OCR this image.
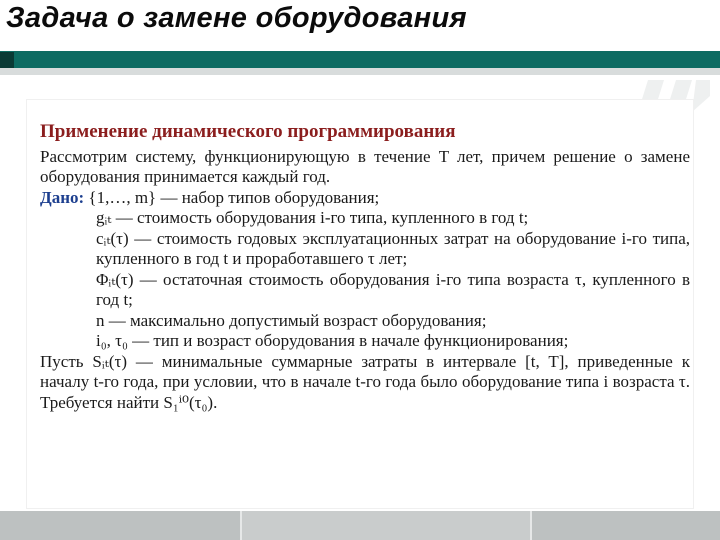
Задача о замене оборудования
Применение динамического программирования
Рассмотрим систему, функционирующую в течение T лет, причем решение о замене оборудования принимается каждый год.
Дано: {1,…, m} — набор типов оборудования;
gᵢₜ — стоимость оборудования i-го типа, купленного в год t;
cᵢₜ(τ) — стоимость годовых эксплуатационных затрат на оборудование i-го типа, купленного в год t и проработавшего τ лет;
Φᵢₜ(τ) — остаточная стоимость оборудования i-го типа возраста τ, купленного в год t;
n — максимально допустимый возраст оборудования;
i₀, τ₀ — тип и возраст оборудования в начале функционирования;
Пусть Sᵢₜ(τ) — минимальные суммарные затраты в интервале [t, T], приведенные к началу t-го года, при условии, что в начале t-го года было оборудование типа i возраста τ. Требуется найти S₁ⁱ⁰(τ₀).
